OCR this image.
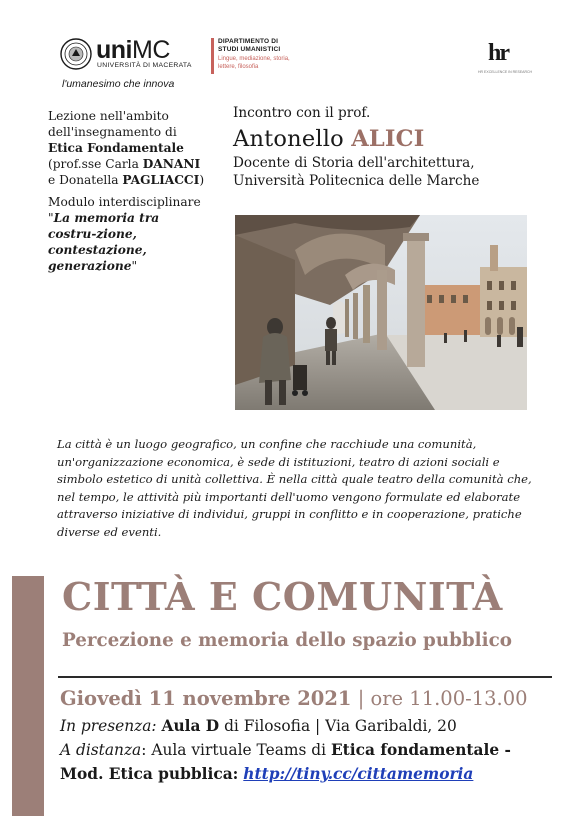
uniMC
UNIVERSITÀ DI MACERATA
l'umanesimo che innova
DIPARTIMENTO DI
STUDI UMANISTICI
Lingue, mediazione, storia, lettere, filosofia
hr
HR EXCELLENCE IN RESEARCH

Lezione nell'ambito dell'insegnamento di Etica Fondamentale
(prof.sse Carla DANANI e Donatella PAGLIACCI)

Modulo interdisciplinare "La memoria tra costru-zione, contestazione, generazione"

Incontro con il prof.
Antonello ALICI
Docente di Storia dell'architettura,
Università Politecnica delle Marche
La città è un luogo geografico, un confine che racchiude una comunità, un'organizzazione economica, è sede di istituzioni, teatro di azioni sociali e simbolo estetico di unità collettiva. È nella città quale teatro della comunità che, nel tempo, le attività più importanti dell'uomo vengono formulate ed elaborate attraverso iniziative di individui, gruppi in conflitto e in cooperazione, pratiche diverse ed eventi.
CITTÀ E COMUNITÀ
Percezione e memoria dello spazio pubblico
Giovedì 11 novembre 2021 | ore 11.00-13.00
In presenza: Aula D di Filosofia | Via Garibaldi, 20
A distanza: Aula virtuale Teams di Etica fondamentale -
Mod. Etica pubblica: http://tiny.cc/cittamemoria
